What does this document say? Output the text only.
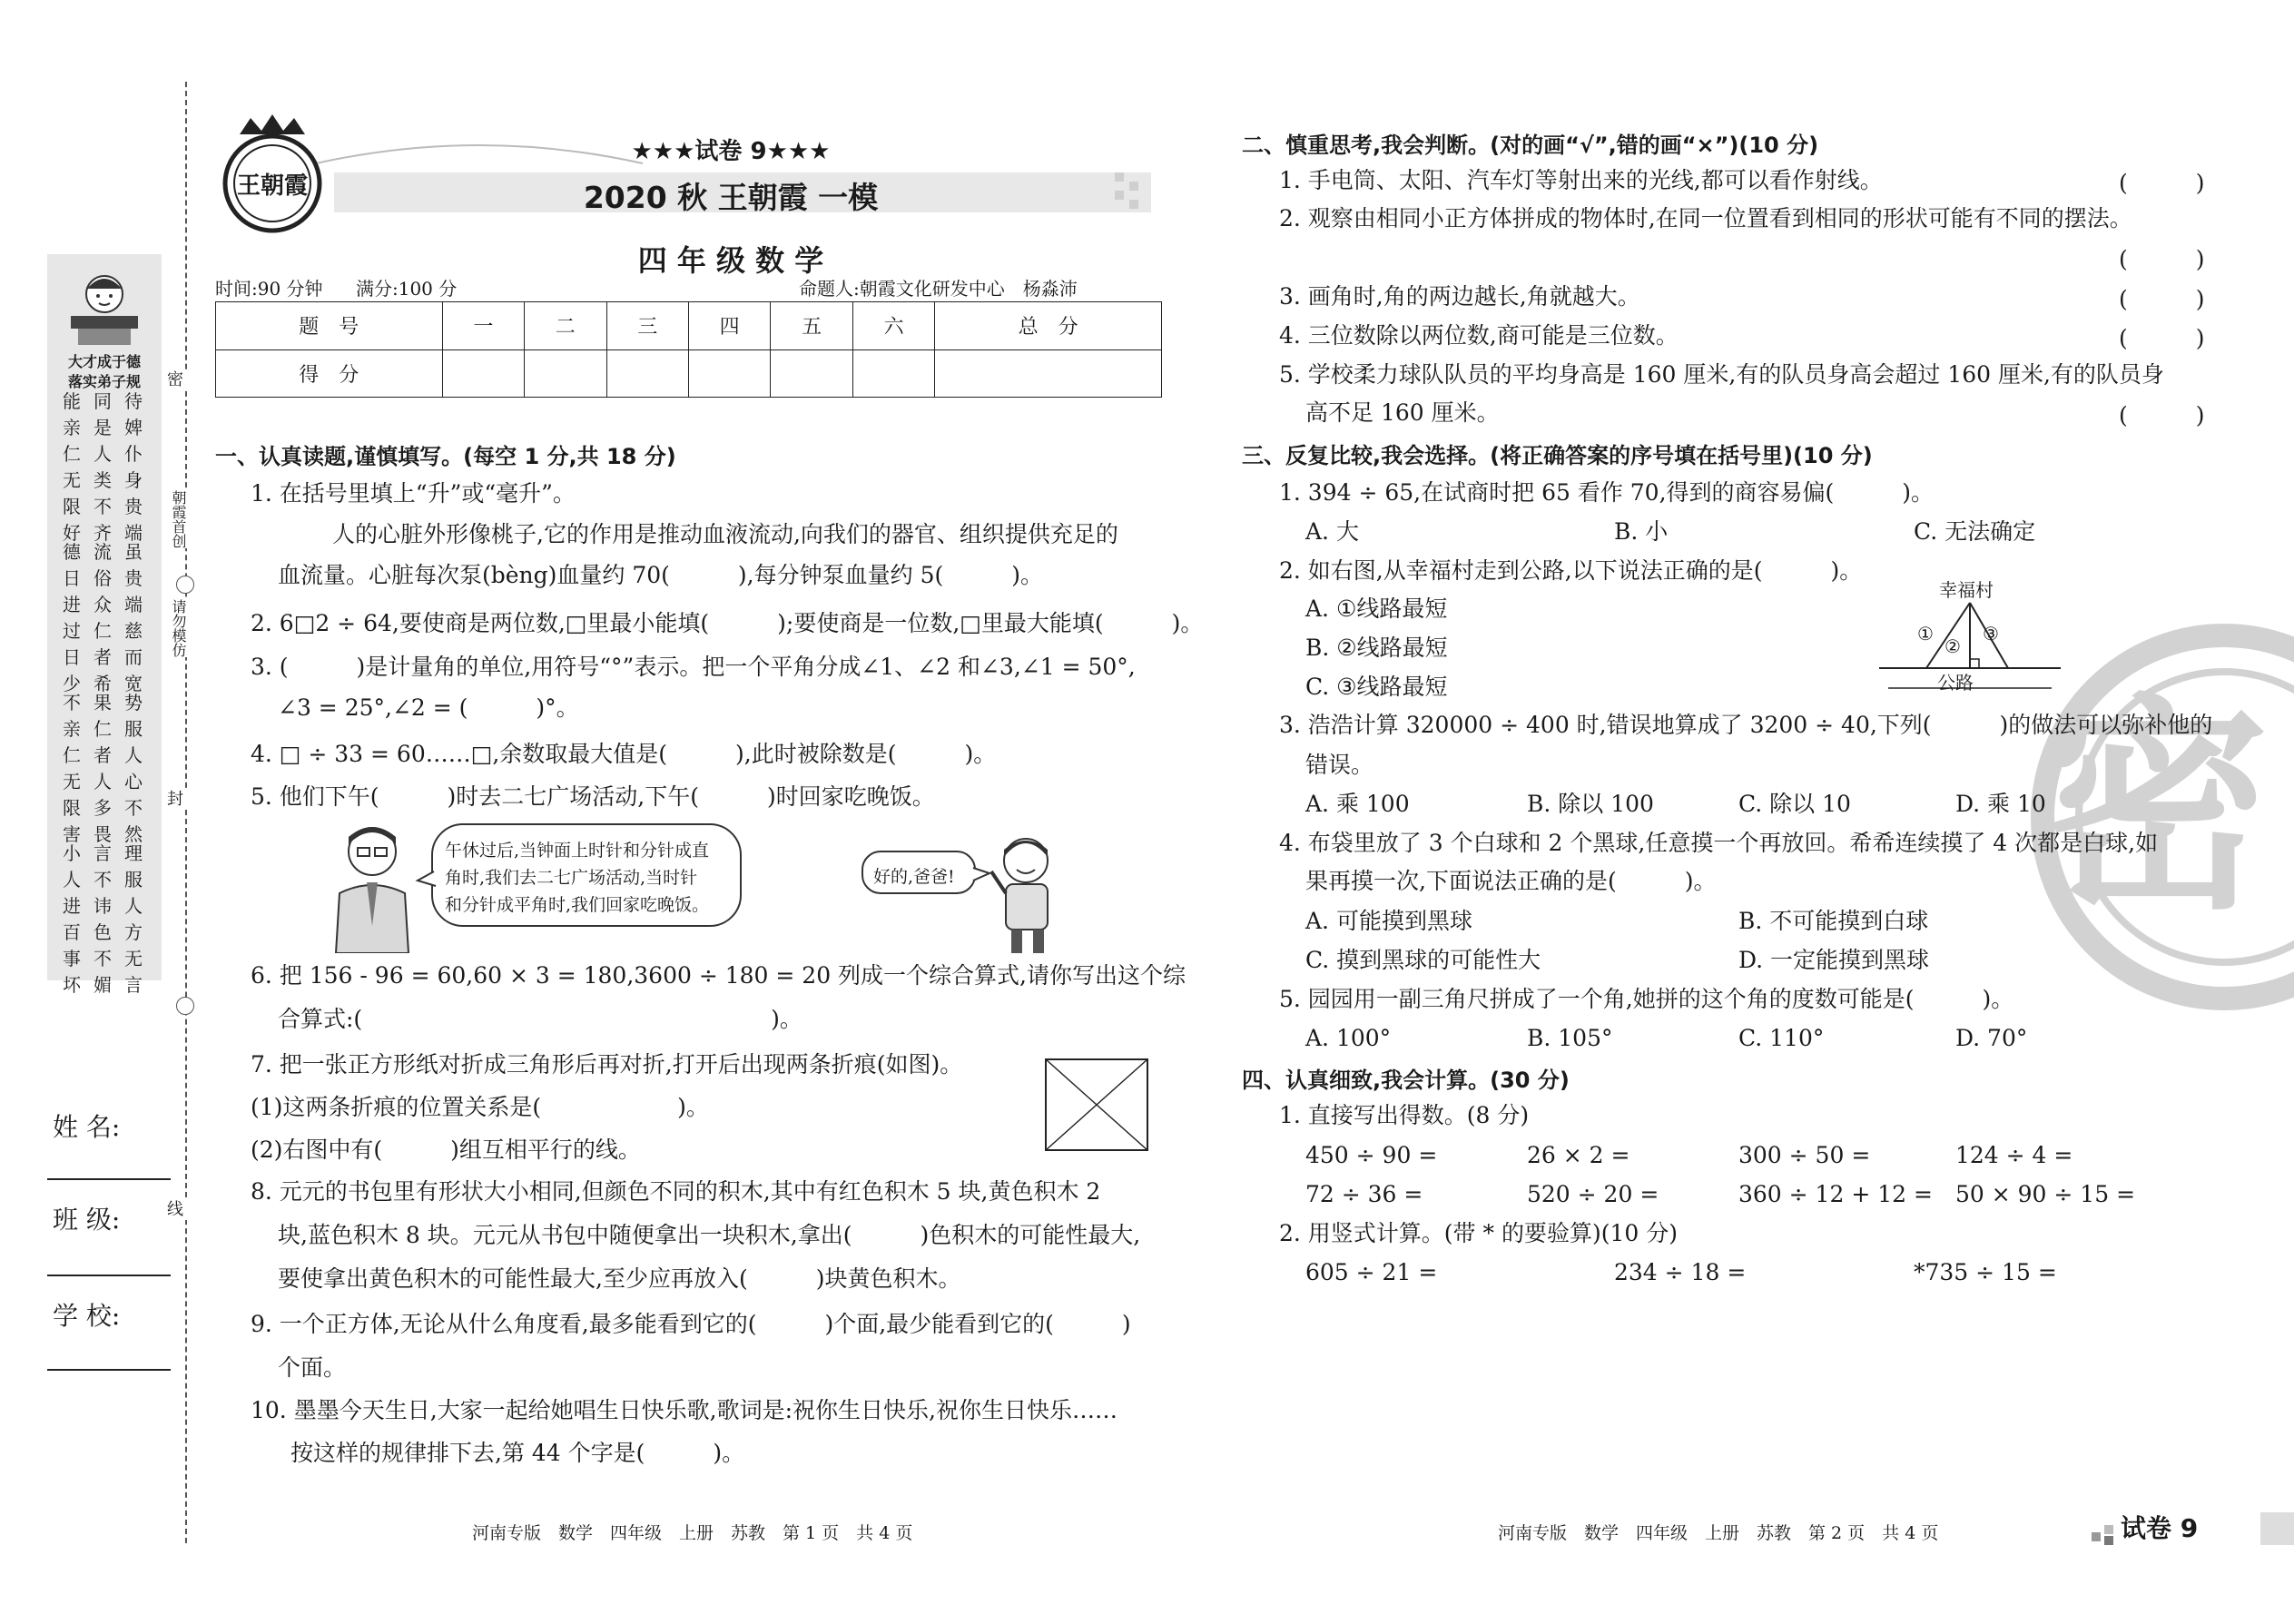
大才成于德
落实弟子规
能亲仁无限好
德日进过日少
不亲仁无限害
小人进百事坏
同是人类不齐
流俗众仁者希
果仁者人多畏
言不讳色不媚
待婢仆身贵端
虽贵端慈而宽
势服人心不然
理服人方无言
密
封
线
朝霞首创
请勿模仿
姓 名:
班 级:
学 校:
王朝霞
★★★试卷 9★★★
2020 秋 王朝霞 一模
四 年 级 数 学
时间:90 分钟 满分:100 分	命题人:朝霞文化研发中心　杨淼沛
题　号	一	二	三	四	五	六	总　分
得　分							
一、认真读题,谨慎填写。(每空 1 分,共 18 分)
1. 在括号里填上“升”或“毫升”。
人的心脏外形像桃子,它的作用是推动血液流动,向我们的器官、组织提供充足的
血流量。心脏每次泵(bèng)血量约 70(　　　),每分钟泵血量约 5(　　　)。
2. 6□2 ÷ 64,要使商是两位数,□里最小能填(　　　);要使商是一位数,□里最大能填(　　　)。
3. (　　　)是计量角的单位,用符号“°”表示。把一个平角分成∠1、∠2 和∠3,∠1 = 50°,
∠3 = 25°,∠2 = (　　　)°。
4. □ ÷ 33 = 60……□,余数取最大值是(　　　),此时被除数是(　　　)。
5. 他们下午(　　　)时去二七广场活动,下午(　　　)时回家吃晚饭。
午休过后,当钟面上时针和分针成直
角时,我们去二七广场活动,当时针
和分针成平角时,我们回家吃晚饭。
好的,爸爸!
6. 把 156 - 96 = 60,60 × 3 = 180,3600 ÷ 180 = 20 列成一个综合算式,请你写出这个综
合算式:(　　　　　　　　　　　　　　　　　　)。
7. 把一张正方形纸对折成三角形后再对折,打开后出现两条折痕(如图)。
(1)这两条折痕的位置关系是(　　　　　　)。
(2)右图中有(　　　)组互相平行的线。
8. 元元的书包里有形状大小相同,但颜色不同的积木,其中有红色积木 5 块,黄色积木 2
块,蓝色积木 8 块。元元从书包中随便拿出一块积木,拿出(　　　)色积木的可能性最大,
要使拿出黄色积木的可能性最大,至少应再放入(　　　)块黄色积木。
9. 一个正方体,无论从什么角度看,最多能看到它的(　　　)个面,最少能看到它的(　　　)
个面。
10. 墨墨今天生日,大家一起给她唱生日快乐歌,歌词是:祝你生日快乐,祝你生日快乐……
按这样的规律排下去,第 44 个字是(　　　)。
河南专版　数学　四年级　上册　苏教　第 1 页　共 4 页
密
二、慎重思考,我会判断。(对的画“√”,错的画“×”)(10 分)
1. 手电筒、太阳、汽车灯等射出来的光线,都可以看作射线。	(　　　)
2. 观察由相同小正方体拼成的物体时,在同一位置看到相同的形状可能有不同的摆法。
(　　　)
3. 画角时,角的两边越长,角就越大。	(　　　)
4. 三位数除以两位数,商可能是三位数。	(　　　)
5. 学校柔力球队队员的平均身高是 160 厘米,有的队员身高会超过 160 厘米,有的队员身
高不足 160 厘米。	(　　　)
三、反复比较,我会选择。(将正确答案的序号填在括号里)(10 分)
1. 394 ÷ 65,在试商时把 65 看作 70,得到的商容易偏(　　　)。
A. 大	B. 小	C. 无法确定
2. 如右图,从幸福村走到公路,以下说法正确的是(　　　)。
A. ①线路最短
B. ②线路最短
C. ③线路最短
幸福村
①
②
③
公路
3. 浩浩计算 320000 ÷ 400 时,错误地算成了 3200 ÷ 40,下列(　　　)的做法可以弥补他的
错误。
A. 乘 100	B. 除以 100	C. 除以 10	D. 乘 10
4. 布袋里放了 3 个白球和 2 个黑球,任意摸一个再放回。希希连续摸了 4 次都是白球,如
果再摸一次,下面说法正确的是(　　　)。
A. 可能摸到黑球	B. 不可能摸到白球
C. 摸到黑球的可能性大	D. 一定能摸到黑球
5. 园园用一副三角尺拼成了一个角,她拼的这个角的度数可能是(　　　)。
A. 100°	B. 105°	C. 110°	D. 70°
四、认真细致,我会计算。(30 分)
1. 直接写出得数。(8 分)
450 ÷ 90 =	26 × 2 =	300 ÷ 50 =	124 ÷ 4 =
72 ÷ 36 =	520 ÷ 20 =	360 ÷ 12 + 12 = 50 × 90 ÷ 15 =
2. 用竖式计算。(带 * 的要验算)(10 分)
605 ÷ 21 =	234 ÷ 18 =	*735 ÷ 15 =
河南专版　数学　四年级　上册　苏教　第 2 页　共 4 页	试卷 9
